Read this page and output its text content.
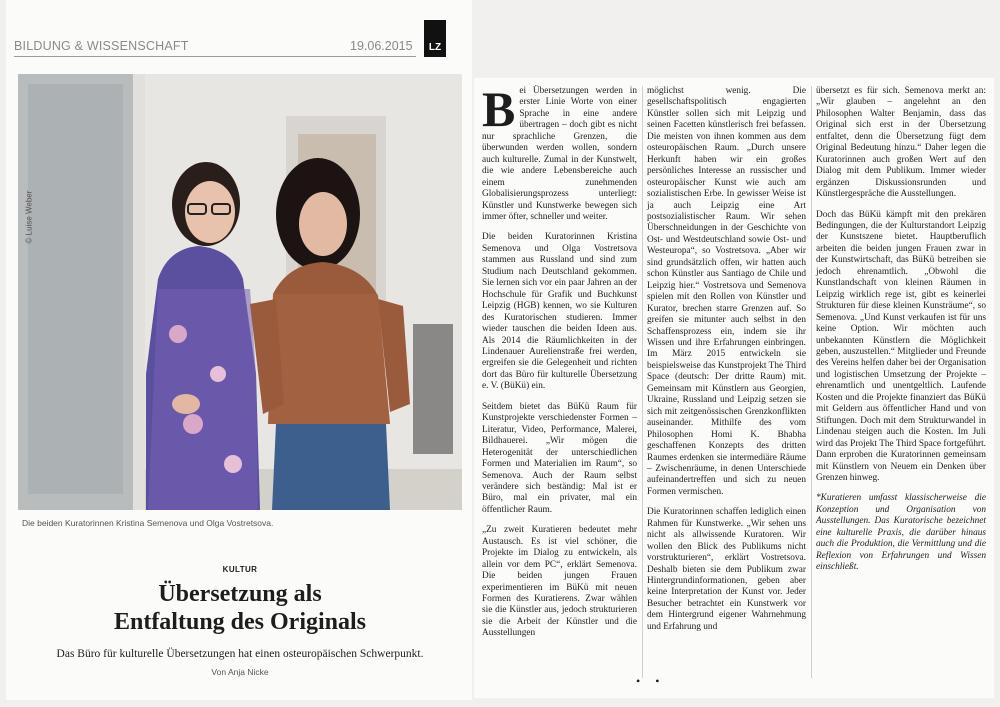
BILDUNG & WISSENSCHAFT	19.06.2015	LZ
© Luise Weber
Die beiden Kuratorinnen Kristina Semenova und Olga Vostretsova.
KULTUR
Übersetzung als
Entfaltung des Originals
Das Büro für kulturelle Übersetzungen hat einen osteuropäischen Schwerpunkt.
Von Anja Nicke

Bei Übersetzungen werden in erster Linie Worte von einer Sprache in eine andere übertragen – doch gibt es nicht nur sprachliche Grenzen, die überwunden werden wollen, sondern auch kulturelle. Zumal in der Kunstwelt, die wie andere Lebensbereiche auch einem zunehmenden Globalisierungsprozess unterliegt: Künstler und Kunstwerke bewegen sich immer öfter, schneller und weiter.

Die beiden Kuratorinnen Kristina Semenova und Olga Vostretsova stammen aus Russland und sind zum Studium nach Deutschland gekommen. Sie lernen sich vor ein paar Jahren an der Hochschule für Grafik und Buchkunst Leipzig (HGB) kennen, wo sie Kulturen des Kuratorischen studieren. Immer wieder tauschen die beiden Ideen aus. Als 2014 die Räumlichkeiten in der Lindenauer Aurelienstraße frei werden, ergreifen sie die Gelegenheit und richten dort das Büro für kulturelle Übersetzung e. V. (BüKü) ein.

Seitdem bietet das BüKü Raum für Kunstprojekte verschiedenster Formen – Literatur, Video, Performance, Malerei, Bildhauerei. „Wir mögen die Heterogenität der unterschiedlichen Formen und Materialien im Raum“, so Semenova. Auch der Raum selbst verändere sich beständig: Mal ist er Büro, mal ein privater, mal ein öffentlicher Raum.

„Zu zweit Kuratieren bedeutet mehr Austausch. Es ist viel schöner, die Projekte im Dialog zu entwickeln, als allein vor dem PC“, erklärt Semenova. Die beiden jungen Frauen experimentieren im BüKü mit neuen Formen des Kuratierens. Zwar wählen sie die Künstler aus, jedoch strukturieren sie die Arbeit der Künstler und die Ausstellungen

möglichst wenig. Die gesellschaftspolitisch engagierten Künstler sollen sich mit Leipzig und seinen Facetten künstlerisch frei befassen. Die meisten von ihnen kommen aus dem osteuropäischen Raum. „Durch unsere Herkunft haben wir ein großes persönliches Interesse an russischer und osteuropäischer Kunst wie auch am sozialistischen Erbe. In gewisser Weise ist ja auch Leipzig eine Art postsozialistischer Raum. Wir sehen Überschneidungen in der Geschichte von Ost- und Westdeutschland sowie Ost- und Westeuropa“, so Vostretsova. „Aber wir sind grundsätzlich offen, wir hatten auch schon Künstler aus Santiago de Chile und Leipzig hier.“ Vostretsova und Semenova spielen mit den Rollen von Künstler und Kurator, brechen starre Grenzen auf. So greifen sie mitunter auch selbst in den Schaffensprozess ein, indem sie ihr Wissen und ihre Erfahrungen einbringen. Im März 2015 entwickeln sie beispielsweise das Kunstprojekt The Third Space (deutsch: Der dritte Raum) mit. Gemeinsam mit Künstlern aus Georgien, Ukraine, Russland und Leipzig setzen sie sich mit zeitgenössischen Grenzkonflikten auseinander. Mithilfe des vom Philosophen Homi K. Bhabha geschaffenen Konzepts des dritten Raumes erdenken sie intermediäre Räume – Zwischenräume, in denen Unterschiede aufeinandertreffen und sich zu neuen Formen vermischen.

Die Kuratorinnen schaffen lediglich einen Rahmen für Kunstwerke. „Wir sehen uns nicht als allwissende Kuratoren. Wir wollen den Blick des Publikums nicht vorstrukturieren“, erklärt Vostretsova. Deshalb bieten sie dem Publikum zwar Hintergrundinformationen, geben aber keine Interpretation der Kunst vor. Jeder Besucher betrachtet ein Kunstwerk vor dem Hintergrund eigener Wahrnehmung und Erfahrung und

übersetzt es für sich. Semenova merkt an: „Wir glauben – angelehnt an den Philosophen Walter Benjamin, dass das Original sich erst in der Übersetzung entfaltet, denn die Übersetzung fügt dem Original Bedeutung hinzu.“ Daher legen die Kuratorinnen auch großen Wert auf den Dialog mit dem Publikum. Immer wieder ergänzen Diskussionsrunden und Künstlergespräche die Ausstellungen.

Doch das BüKü kämpft mit den prekären Bedingungen, die der Kulturstandort Leipzig der Kunstszene bietet. Hauptberuflich arbeiten die beiden jungen Frauen zwar in der Kunstwirtschaft, das BüKü betreiben sie jedoch ehrenamtlich. „Obwohl die Kunstlandschaft von kleinen Räumen in Leipzig wirklich rege ist, gibt es keinerlei Strukturen für diese kleinen Kunsträume“, so Semenova. „Und Kunst verkaufen ist für uns keine Option. Wir möchten auch unbekannten Künstlern die Möglichkeit geben, auszustellen.“ Mitglieder und Freunde des Vereins helfen daher bei der Organisation und logistischen Umsetzung der Projekte – ehrenamtlich und unentgeltlich. Laufende Kosten und die Projekte finanziert das BüKü mit Geldern aus öffentlicher Hand und von Stiftungen. Doch mit dem Strukturwandel in Lindenau steigen auch die Kosten. Im Juli wird das Projekt The Third Space fortgeführt. Dann erproben die Kuratorinnen gemeinsam mit Künstlern von Neuem ein Denken über Grenzen hinweg.

*Kuratieren umfasst klassischerweise die Konzeption und Organisation von Ausstellungen. Das Kuratorische bezeichnet eine kulturelle Praxis, die darüber hinaus auch die Produktion, die Vermittlung und die Reflexion von Erfahrungen und Wissen einschließt.

• •
